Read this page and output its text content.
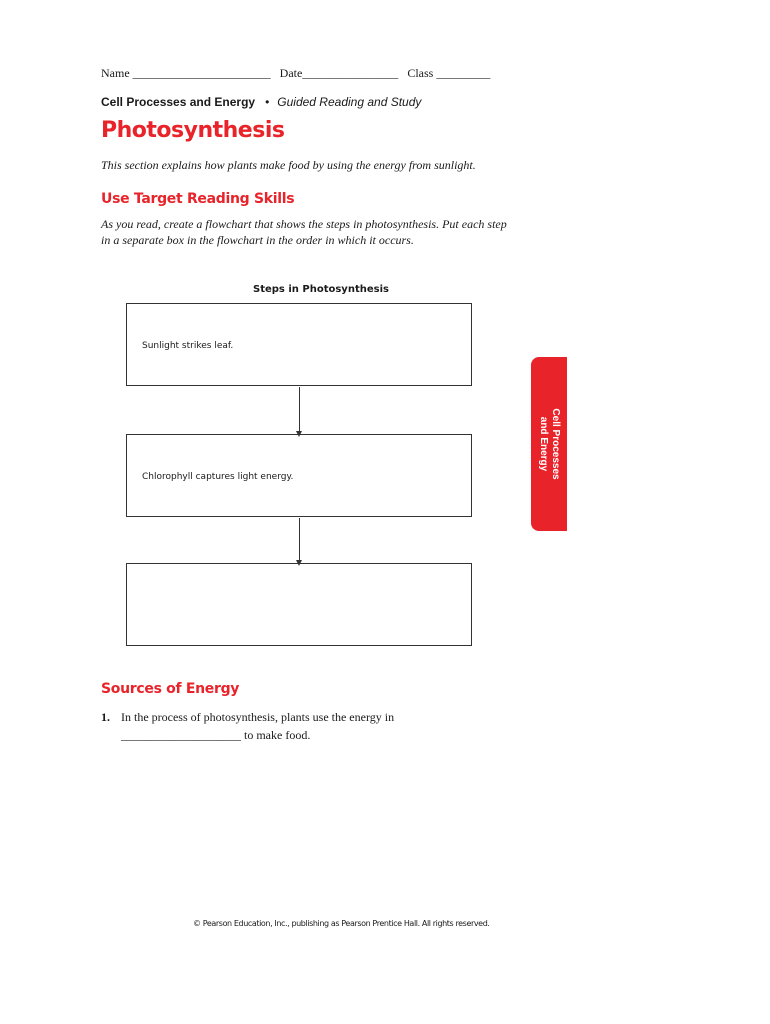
Name _______________________ Date________________ Class _________
Cell Processes and Energy • Guided Reading and Study
Photosynthesis
This section explains how plants make food by using the energy from sunlight.
Use Target Reading Skills
As you read, create a flowchart that shows the steps in photosynthesis. Put each step
in a separate box in the flowchart in the order in which it occurs.
Steps in Photosynthesis
Sunlight strikes leaf.
Chlorophyll captures light energy.	Cell Processes
and Energy
Sources of Energy
1. In the process of photosynthesis, plants use the energy in
____________________ to make food.
© Pearson Education, Inc., publishing as Pearson Prentice Hall. All rights reserved.
